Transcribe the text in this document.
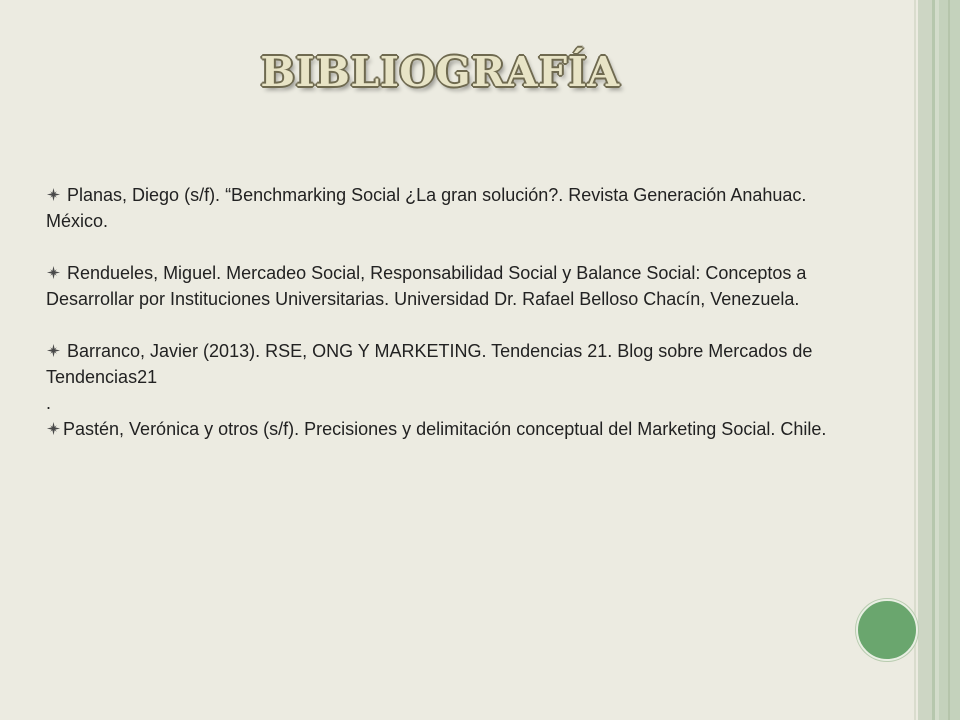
BIBLIOGRAFÍA

Planas, Diego (s/f). “Benchmarking Social ¿La gran solución?. Revista Generación Anahuac. México.

Rendueles, Miguel. Mercadeo Social, Responsabilidad Social y Balance Social: Conceptos a Desarrollar por Instituciones Universitarias. Universidad Dr. Rafael Belloso Chacín, Venezuela.

Barranco, Javier (2013). RSE, ONG Y MARKETING. Tendencias 21. Blog sobre Mercados de Tendencias21

.

Pastén, Verónica y otros (s/f). Precisiones y delimitación conceptual del Marketing Social. Chile.
